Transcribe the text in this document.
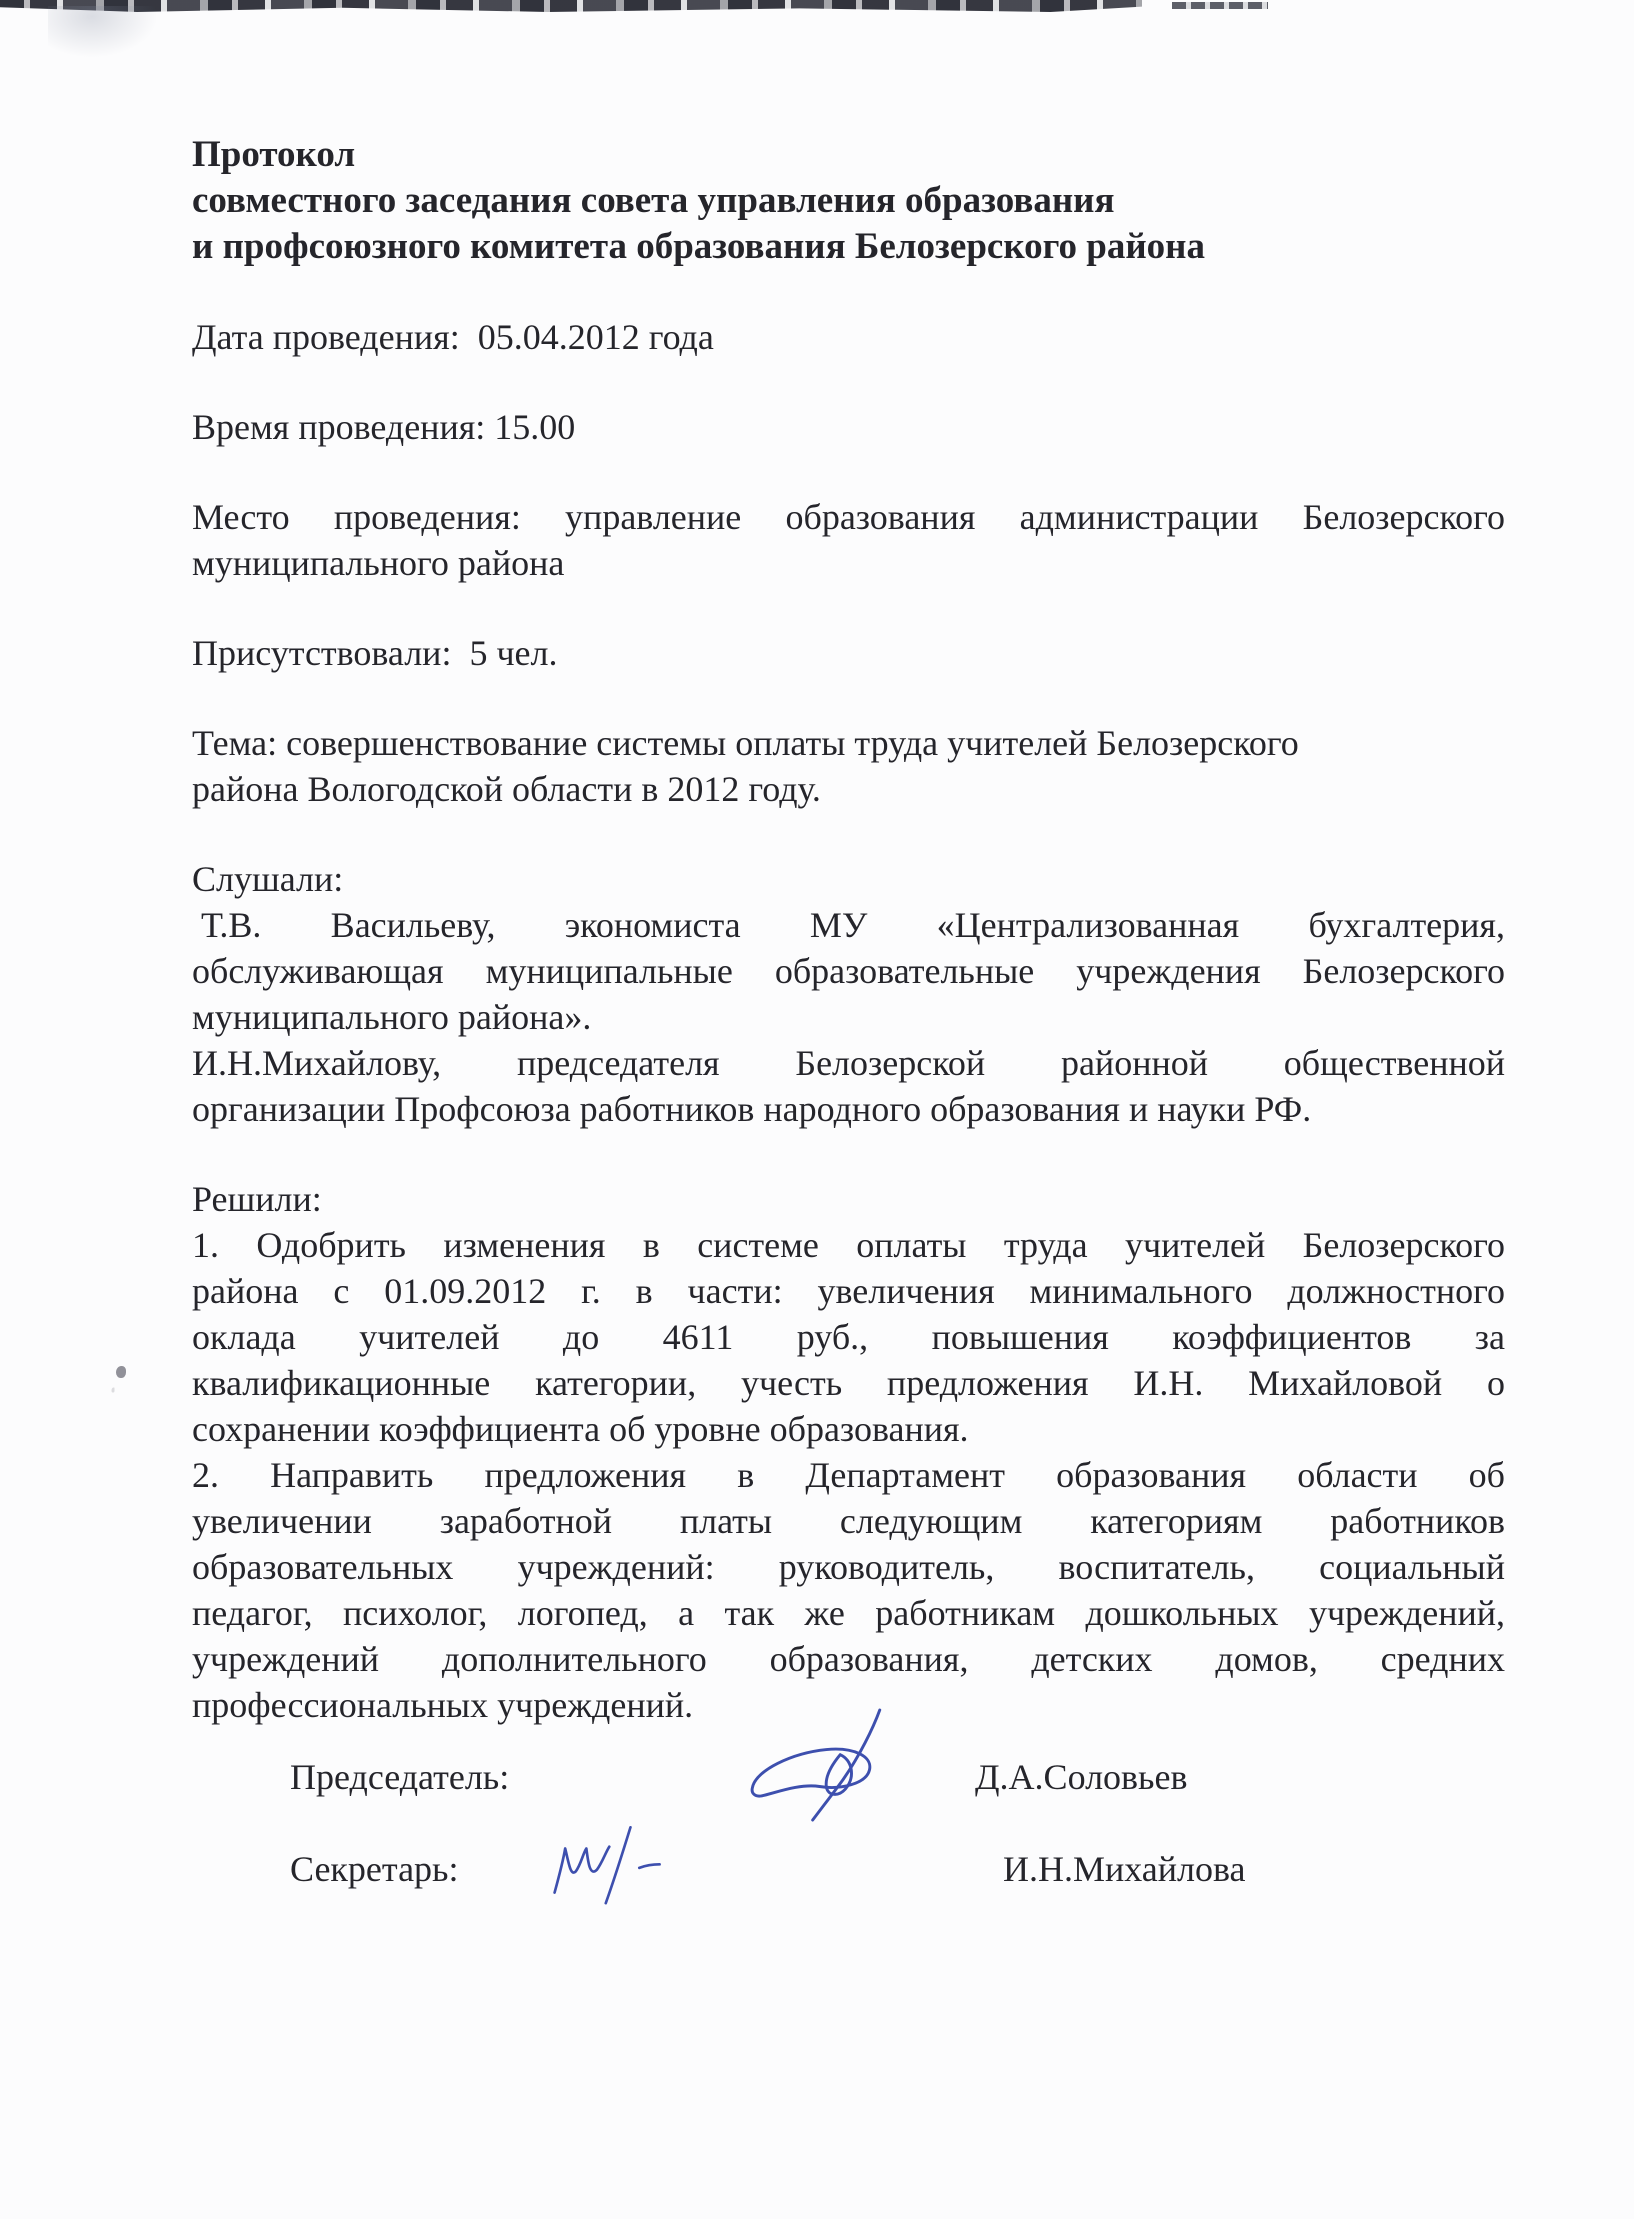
Протокол
совместного заседания совета управления образования
и профсоюзного комитета образования Белозерского района
Дата проведения:  05.04.2012 года
Время проведения: 15.00
Место проведения: управление образования администрации Белозерского
муниципального района
Присутствовали:  5 чел.
Тема: совершенствование системы оплаты труда учителей Белозерского
района Вологодской области в 2012 году.
Слушали:
Т.В. Васильеву, экономиста МУ «Централизованная бухгалтерия,
обслуживающая муниципальные образовательные учреждения Белозерского
муниципального района».
И.Н.Михайлову, председателя Белозерской районной общественной
организации Профсоюза работников народного образования и науки РФ.
Решили:
1. Одобрить изменения в системе оплаты труда учителей Белозерского
района с 01.09.2012 г. в части: увеличения минимального должностного
оклада учителей до 4611 руб., повышения коэффициентов за
квалификационные категории, учесть предложения И.Н. Михайловой о
сохранении коэффициента об уровне образования.
2. Направить предложения в Департамент образования области об
увеличении заработной платы следующим категориям работников
образовательных учреждений: руководитель, воспитатель, социальный
педагог, психолог, логопед, а так же работникам дошкольных учреждений,
учреждений дополнительного образования, детских домов, средних
профессиональных учреждений.
Председатель:	Д.А.Соловьев
Секретарь:	И.Н.Михайлова
